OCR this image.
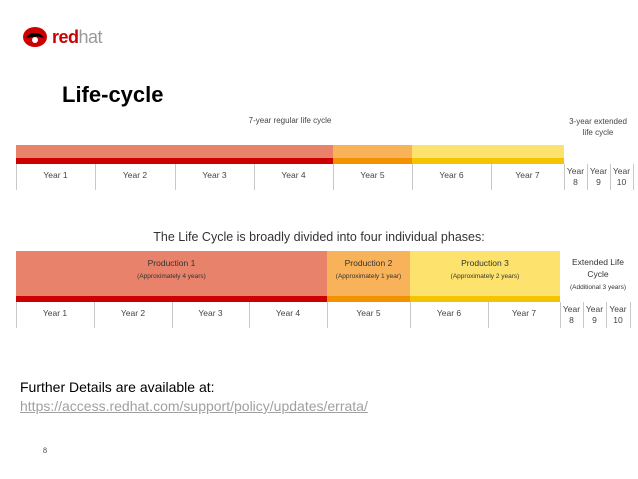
redhat
Life-cycle
7-year regular life cycle	3-year extended
life cycle
Year 1	Year 2	Year 3	Year 4	Year 5	Year 6	Year 7	Year
8
Year
9
Year
10
The Life Cycle is broadly divided into four individual phases:
Production 1
(Approximately 4 years)
Production 2
(Approximately 1 year)
Production 3
(Approximately 2 years)
Extended Life
Cycle
(Additional 3 years)
Year 1	Year 2	Year 3	Year 4	Year 5	Year 6	Year 7	Year
8
Year
9
Year
10
Further Details are available at:
https://access.redhat.com/support/policy/updates/errata/
8
